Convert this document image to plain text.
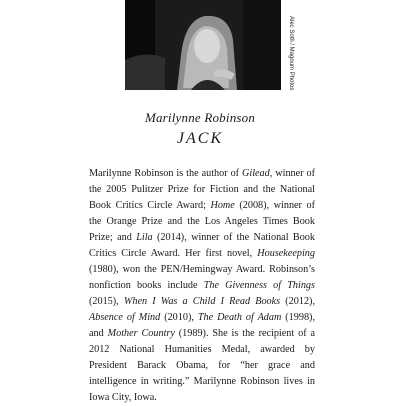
Alec Soth / Magnum Photos
Marilynne Robinson
JACK
Marilynne Robinson is the author of Gilead, winner of the 2005 Pulitzer Prize for Fiction and the National Book Critics Circle Award; Home (2008), winner of the Orange Prize and the Los Angeles Times Book Prize; and Lila (2014), winner of the National Book Critics Circle Award. Her first novel, Housekeeping (1980), won the PEN/Hemingway Award. Robinson’s nonfiction books include The Givenness of Things (2015), When I Was a Child I Read Books (2012), Absence of Mind (2010), The Death of Adam (1998), and Mother Country (1989). She is the recipient of a 2012 National Humanities Medal, awarded by President Barack Obama, for “her grace and intelligence in writing.” Marilynne Robinson lives in Iowa City, Iowa.
